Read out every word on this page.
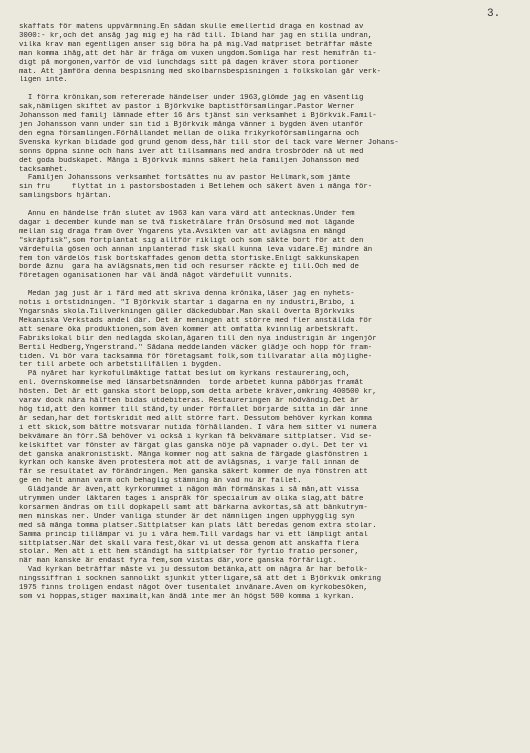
3.
skaffats för matens uppvärmning.En sådan skulle emellertid draga en kostnad av
3000:- kr,och det ansåg jag mig ej ha råd till. Ibland har jag en stilla undran,
vilka krav man egentligen anser sig böra ha på mig.Vad matpriset beträffar måste
man komma ihåg,att det här är fråga om vuxen ungdom.Somliga har rest hemifrån ti-
digt på morgonen,varför de vid lunchdags sitt på dagen kräver stora portioner
mat. Att jämföra denna bespisning med skolbarnsbespisningen i folkskolan går verk-
ligen inte.
I förra krönikan,som refererade händelser under 1963,glömde jag en väsentlig
sak,nämligen skiftet av pastor i Björkvike baptistförsamlingar.Pastor Werner
Johansson med familj lämnade efter 16 års tjänst sin verksamhet i Björkvik.Famil-
jen Johansson vann under sin tid i Björkvik många vänner i bygden även utanför
den egna församlingen.Förhållandet mellan de olika frikyrkoförsamlingarna och
Svenska kyrkan blidade god grund genom dess,här till stor del tack vare Werner Johans-
sonns öppna sinne och hans iver att tillsammans med andra trosbröder nå ut med
det goda budskapet. Många i Björkvik minns säkert hela familjen Johansson med
tacksamhet.
Familjen Johanssons verksamhet fortsättes nu av pastor Hellmark,som jämte
sin fru     flyttat in i pastorsbostaden i Betlehem och säkert även i många för-
samlingsbors hjärtan.
Ännu en händelse från slutet av 1963 kan vara värd att antecknas.Under fem
dagar i december kunde man se två fisketrälare från Orsösund med mot lägande
mellan sig draga fram över Yngarens yta.Avsikten var att avlägsna en mängd
"skräpfisk",som fortplantat sig alltför rikligt och som säkte bort för att den
värdefulla gösen och annan inplanterad fisk skall kunna leva vidare.Ej mindre än
fem ton värdelös fisk bortskaffades genom detta storfiske.Enligt sakkunskapen
borde åznu  gara ha avlägsnats,men tid och resurser räckte ej till.Och med de
företagen oganisationen har väl ändå något värdefullt vunnits.
Medan jag just är i färd med att skriva denna krönika,läser jag en nyhets-
notis i ortstidningen. "I Björkvik startar i dagarna en ny industri,Bribo, i
Yngarsnäs skola.Tillverkningen gäller däckedubbar.Man skall överta Björkviks
Mekaniska Verkstads andel där. Det är meningen att större med fler anställda för
att senare öka produktionen,som även kommer att omfatta kvinnlig arbetskraft.
Fabrikslokal blir den nedlagda skolan,ägaren till den nya industrigin är ingenjör
Bertil Hedberg,Yngerstrand." Sådana meddelanden väcker glädje och hopp för fram-
tiden. Vi bör vara tacksamma för företagsamt folk,som tillvaratar alla möjlighe-
ter till arbete och arbetstillfällen i bygden.
På nyåret har kyrkofullmäktige fattat beslut om kyrkans restaurering,och,
enl. övernskommelse med länsarbetsnämnden  torde arbetet kunna påbörjas framåt
hösten. Det är ett ganska stort belopp,som detta arbete kräver,omkring 400500 kr,
varav dock nära hälften bidas utdebiteras. Restaureringen är nödvändig.Det är
hög tid,att den kommer till stånd,ty under förfallet börjarde sitta in där inne
år sedan,har det fortskridit med allt större fart. Dessutom behöver kyrkan komma
i ett skick,som bättre motsvarar nutida förhållanden. I våra hem sitter vi numera
bekvämare än förr.Så behöver vi också i kyrkan få bekvämare sittplatser. Vid se-
kelskiftet var fönster av färgat glas ganska nöje på vapnader o.dyl. Det ter vi
det ganska anakronistiskt. Många kommer nog att sakna de färgade glasfönstren i
kyrkan och kanske även protestera mot att de avlägsnas, i varje fall innan de
får se resultatet av förändringen. Men ganska säkert kommer de nya fönstren att
ge en helt annan varm och behaglig stämning än vad nu är fallet.
Glädjande är även,att kyrkorummet i någon mån förmånskas i så mån,att vissa
utrymmen under läktaren tages i anspråk för specialrum av olika slag,att bätre
korsarmen ändras om till dopkapell samt att bärkarna avkortas,så att bänkutrym-
men minskas ner. Under vanliga stunder är det nämnligen ingen upphygglig syn
med så många tomma platser.Sittplatser kan plats lätt beredas genom extra stolar.
Samma princip tillämpar vi ju i våra hem.Till vardags har vi ett lämpligt antal
sittplatser.När det skall vara fest,ökar vi ut dessa genom att anskaffa flera
stolar. Men att i ett hem ständigt ha sittplatser för fyrtio fratio personer,
när man kanske är endast fyra fem,som vistas där,vore ganska förfärligt.
Vad kyrkan beträffar måste vi ju dessutom betänka,att om några år har befolk-
ningssiffran i socknen sannolikt sjunkit ytterligare,så att det i Björkvik omkring
1975 finns troligen endast något över tusentalet invånare.Även om kyrkobesöken,
som vi hoppas,stiger maximalt,kan ändå inte mer än högst 500 komma i kyrkan.
